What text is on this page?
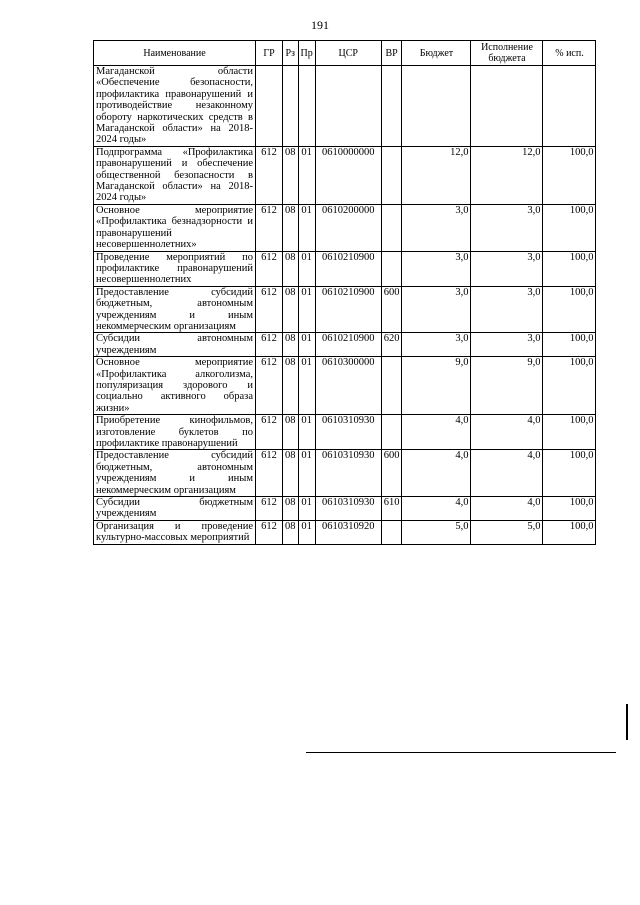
191
Наименование	ГР	Рз	Пр	ЦСР	ВР	Бюджет	Исполнение бюджета	% исп.
Магаданской области «Обеспечение безопасности, профилактика правонарушений и противодействие незаконному обороту наркотических средств в Магаданской области» на 2018-2024 годы»								
Подпрограмма «Профилактика правонарушений и обеспечение общественной безопасности в Магаданской области» на 2018-2024 годы»	612	08	01	0610000000		12,0	12,0	100,0
Основное мероприятие «Профилактика безнадзорности и правонарушений несовершеннолетних»	612	08	01	0610200000		3,0	3,0	100,0
Проведение мероприятий по профилактике правонарушений несовершеннолетних	612	08	01	0610210900		3,0	3,0	100,0
Предоставление субсидий бюджетным, автономным учреждениям и иным некоммерческим организациям	612	08	01	0610210900	600	3,0	3,0	100,0
Субсидии автономным учреждениям	612	08	01	0610210900	620	3,0	3,0	100,0
Основное мероприятие «Профилактика алкоголизма, популяризация здорового и социально активного образа жизни»	612	08	01	0610300000		9,0	9,0	100,0
Приобретение кинофильмов, изготовление буклетов по профилактике правонарушений	612	08	01	0610310930		4,0	4,0	100,0
Предоставление субсидий бюджетным, автономным учреждениям и иным некоммерческим организациям	612	08	01	0610310930	600	4,0	4,0	100,0
Субсидии бюджетным учреждениям	612	08	01	0610310930	610	4,0	4,0	100,0
Организация и проведение культурно-массовых мероприятий	612	08	01	0610310920		5,0	5,0	100,0
